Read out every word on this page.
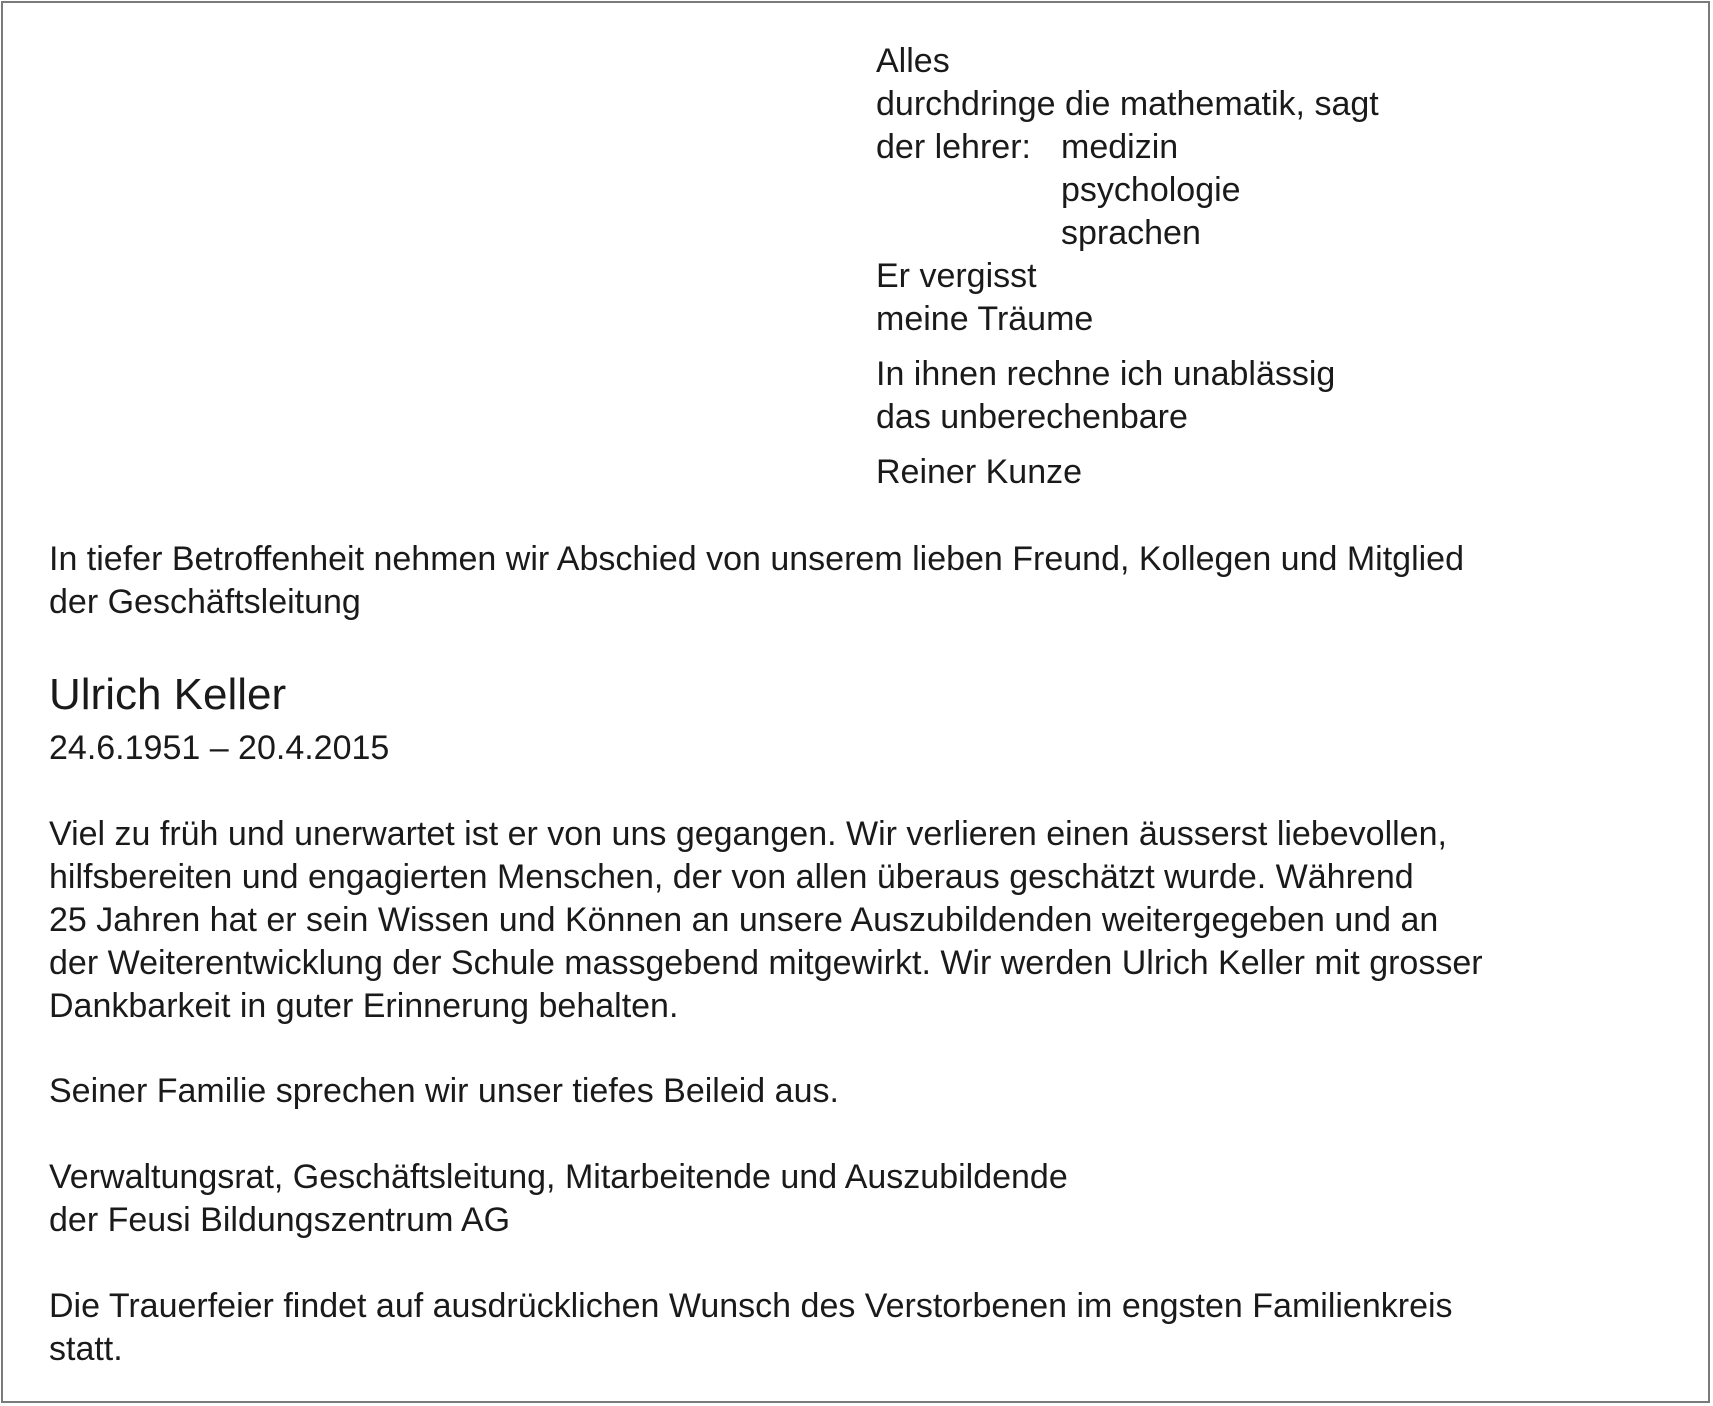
Alles
durchdringe die mathematik, sagt
der lehrer: medizin
psychologie
sprachen
Er vergisst
meine Träume
In ihnen rechne ich unablässig
das unberechenbare
Reiner Kunze
In tiefer Betroffenheit nehmen wir Abschied von unserem lieben Freund, Kollegen und Mitglied
der Geschäftsleitung
Ulrich Keller
24.6.1951 – 20.4.2015
Viel zu früh und unerwartet ist er von uns gegangen. Wir verlieren einen äusserst liebevollen,
hilfsbereiten und engagierten Menschen, der von allen überaus geschätzt wurde. Während
25 Jahren hat er sein Wissen und Können an unsere Auszubildenden weitergegeben und an
der Weiterentwicklung der Schule massgebend mitgewirkt. Wir werden Ulrich Keller mit grosser
Dankbarkeit in guter Erinnerung behalten.
Seiner Familie sprechen wir unser tiefes Beileid aus.
Verwaltungsrat, Geschäftsleitung, Mitarbeitende und Auszubildende
der Feusi Bildungszentrum AG
Die Trauerfeier findet auf ausdrücklichen Wunsch des Verstorbenen im engsten Familienkreis
statt.
